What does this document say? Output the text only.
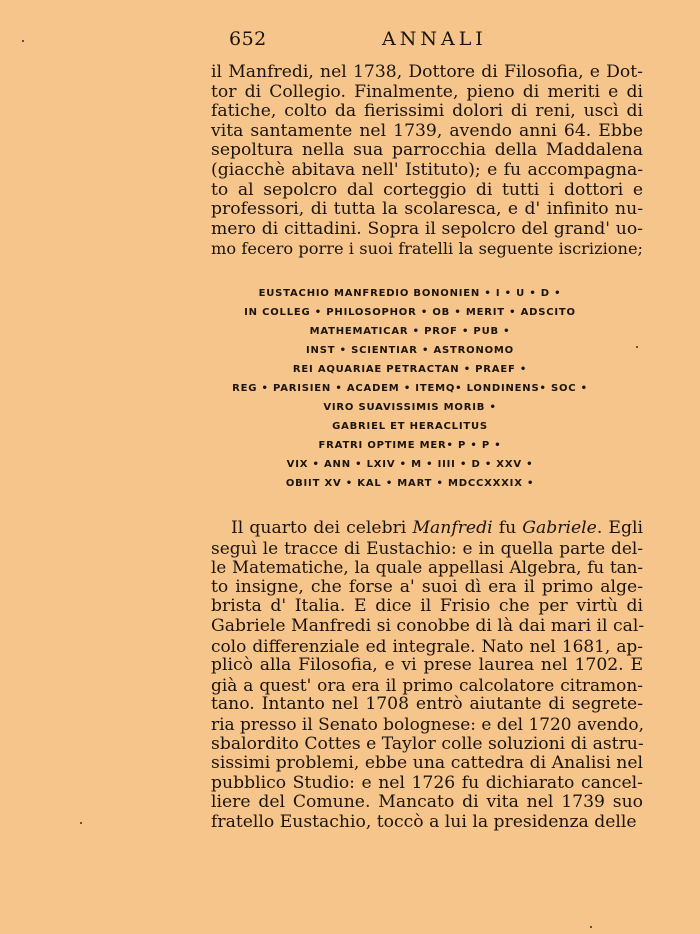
652	ANNALI
il Manfredi, nel 1738, Dottore di Filosofia, e Dot-
tor di Collegio. Finalmente, pieno di meriti e di
fatiche, colto da fierissimi dolori di reni, uscì di
vita santamente nel 1739, avendo anni 64. Ebbe
sepoltura nella sua parrocchia della Maddalena
(giacchè abitava nell' Istituto); e fu accompagna-
to al sepolcro dal corteggio di tutti i dottori e
professori, di tutta la scolaresca, e d' infinito nu-
mero di cittadini. Sopra il sepolcro del grand' uo-
mo fecero porre i suoi fratelli la seguente iscrizione;
EUSTACHIO MANFREDIO BONONIEN • I • U • D •
IN COLLEG • PHILOSOPHOR • OB • MERIT • ADSCITO
MATHEMATICAR • PROF • PUB •
INST • SCIENTIAR • ASTRONOMO
REI AQUARIAE PETRACTAN • PRAEF •
REG • PARISIEN • ACADEM • ITEMQ• LONDINENS• SOC •
VIRO SUAVISSIMIS MORIB •
GABRIEL ET HERACLITUS
FRATRI OPTIME MER• P • P •
VIX • ANN • LXIV • M • IIII • D • XXV •
OBIIT XV • KAL • MART • MDCCXXXIX •
Il quarto dei celebri Manfredi fu Gabriele. Egli
seguì le tracce di Eustachio: e in quella parte del-
le Matematiche, la quale appellasi Algebra, fu tan-
to insigne, che forse a' suoi dì era il primo alge-
brista d' Italia. E dice il Frisio che per virtù di
Gabriele Manfredi si conobbe di là dai mari il cal-
colo differenziale ed integrale. Nato nel 1681, ap-
plicò alla Filosofia, e vi prese laurea nel 1702. E
già a quest' ora era il primo calcolatore citramon-
tano. Intanto nel 1708 entrò aiutante di segrete-
ria presso il Senato bolognese: e del 1720 avendo,
sbalordito Cottes e Taylor colle soluzioni di astru-
sissimi problemi, ebbe una cattedra di Analisi nel
pubblico Studio: e nel 1726 fu dichiarato cancel-
liere del Comune. Mancato di vita nel 1739 suo
fratello Eustachio, toccò a lui la presidenza delle
